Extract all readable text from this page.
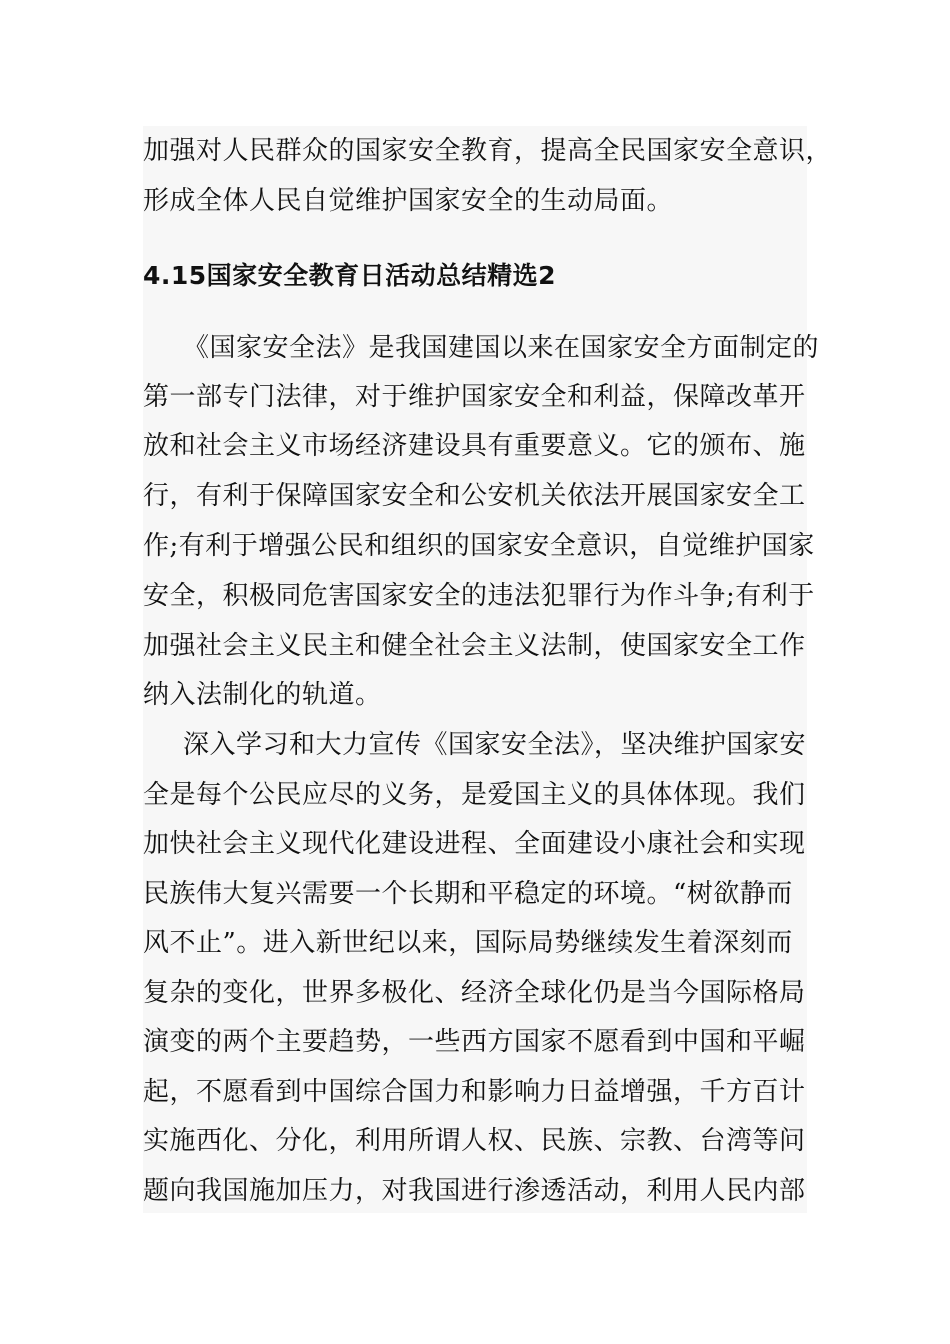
加强对人民群众的国家安全教育，提高全民国家安全意识，
形成全体人民自觉维护国家安全的生动局面。
4.15国家安全教育日活动总结精选2
《国家安全法》是我国建国以来在国家安全方面制定的
第一部专门法律，对于维护国家安全和利益，保障改革开
放和社会主义市场经济建设具有重要意义。它的颁布、施
行，有利于保障国家安全和公安机关依法开展国家安全工
作;有利于增强公民和组织的国家安全意识，自觉维护国家
安全，积极同危害国家安全的违法犯罪行为作斗争;有利于
加强社会主义民主和健全社会主义法制，使国家安全工作
纳入法制化的轨道。
深入学习和大力宣传《国家安全法》，坚决维护国家安
全是每个公民应尽的义务，是爱国主义的具体体现。我们
加快社会主义现代化建设进程、全面建设小康社会和实现
民族伟大复兴需要一个长期和平稳定的环境。“树欲静而
风不止”。进入新世纪以来，国际局势继续发生着深刻而
复杂的变化，世界多极化、经济全球化仍是当今国际格局
演变的两个主要趋势，一些西方国家不愿看到中国和平崛
起，不愿看到中国综合国力和影响力日益增强，千方百计
实施西化、分化，利用所谓人权、民族、宗教、台湾等问
题向我国施加压力，对我国进行渗透活动，利用人民内部
